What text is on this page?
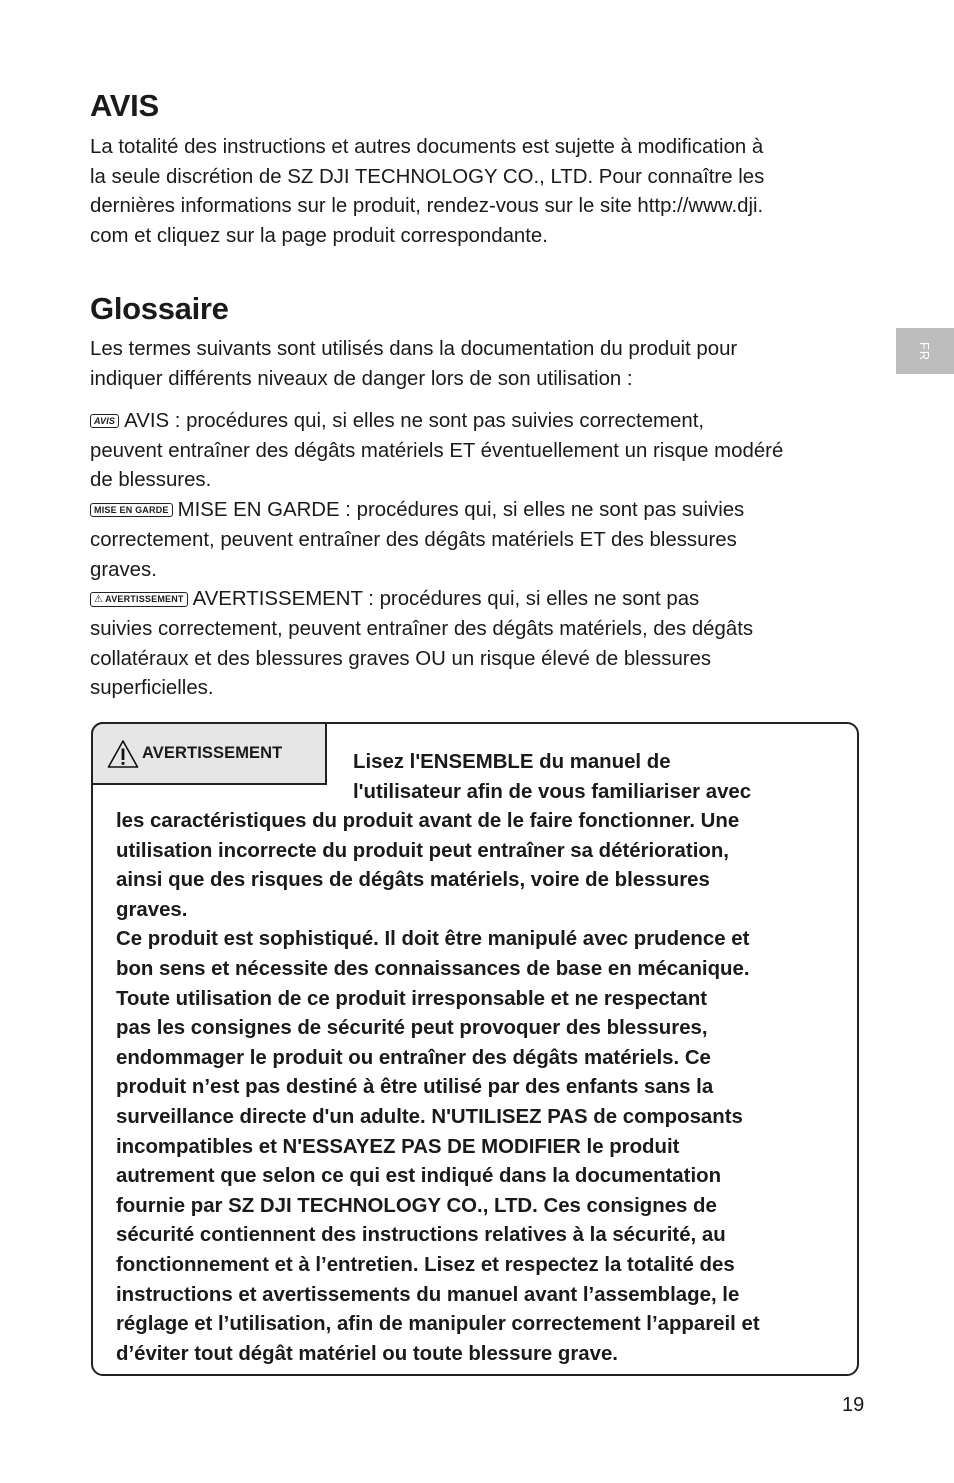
AVIS

La totalité des instructions et autres documents est sujette à modification à
la seule discrétion de SZ DJI TECHNOLOGY CO., LTD. Pour connaître les
dernières informations sur le produit, rendez-vous sur le site http://www.dji.
com et cliquez sur la page produit correspondante.

Glossaire

Les termes suivants sont utilisés dans la documentation du produit pour
indiquer différents niveaux de danger lors de son utilisation :

AVIS AVIS : procédures qui, si elles ne sont pas suivies correctement,
peuvent entraîner des dégâts matériels ET éventuellement un risque modéré
de blessures.

MISE EN GARDE MISE EN GARDE : procédures qui, si elles ne sont pas suivies
correctement, peuvent entraîner des dégâts matériels ET des blessures
graves.

⚠ AVERTISSEMENT AVERTISSEMENT : procédures qui, si elles ne sont pas
suivies correctement, peuvent entraîner des dégâts matériels, des dégâts
collatéraux et des blessures graves OU un risque élevé de blessures
superficielles.

FR
AVERTISSEMENT	Lisez l'ENSEMBLE du manuel de
l'utilisateur afin de vous familiariser avec

les caractéristiques du produit avant de le faire fonctionner. Une
utilisation incorrecte du produit peut entraîner sa détérioration,
ainsi que des risques de dégâts matériels, voire de blessures
graves.
Ce produit est sophistiqué. Il doit être manipulé avec prudence et
bon sens et nécessite des connaissances de base en mécanique.
Toute utilisation de ce produit irresponsable et ne respectant
pas les consignes de sécurité peut provoquer des blessures,
endommager le produit ou entraîner des dégâts matériels. Ce
produit n’est pas destiné à être utilisé par des enfants sans la
surveillance directe d'un adulte. N'UTILISEZ PAS de composants
incompatibles et N'ESSAYEZ PAS DE MODIFIER le produit
autrement que selon ce qui est indiqué dans la documentation
fournie par SZ DJI TECHNOLOGY CO., LTD. Ces consignes de
sécurité contiennent des instructions relatives à la sécurité, au
fonctionnement et à l’entretien. Lisez et respectez la totalité des
instructions et avertissements du manuel avant l’assemblage, le
réglage et l’utilisation, afin de manipuler correctement l’appareil et
d’éviter tout dégât matériel ou toute blessure grave.

19
